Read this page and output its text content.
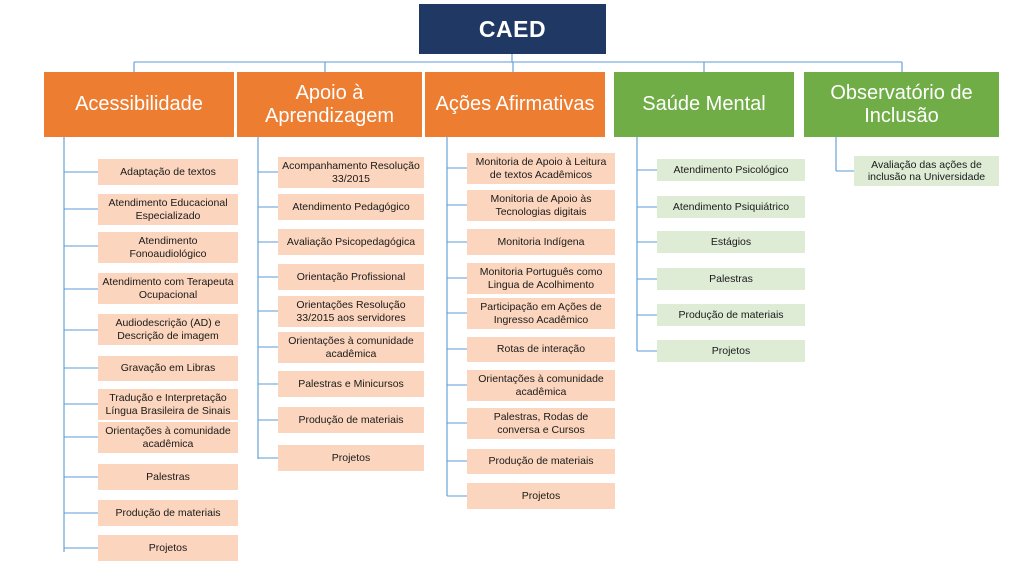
CAED
Acessibilidade
Apoio à Aprendizagem
Ações Afirmativas Saúde Mental
Observatório de Inclusão
Adaptação de textos
Atendimento Educacional Especializado
Atendimento Fonoaudiológico
Atendimento com Terapeuta Ocupacional
Audiodescrição (AD) e Descrição de imagem
Gravação em Libras
Tradução e Interpretação Língua Brasileira de Sinais
Orientações à comunidade acadêmica
Palestras
Produção de materiais
Projetos
Acompanhamento Resolução 33/2015
Atendimento Pedagógico
Avaliação Psicopedagógica
Orientação Profissional
Orientações Resolução 33/2015 aos servidores
Orientações à comunidade acadêmica
Palestras e Minicursos
Produção de materiais
Projetos
Monitoria de Apoio à Leitura de textos Acadêmicos
Monitoria de Apoio às Tecnologias digitais
Monitoria Indígena
Monitoria Português como Lingua de Acolhimento
Participação em Ações de Ingresso Acadêmico
Rotas de interação
Orientações à comunidade acadêmica
Palestras, Rodas de conversa e Cursos
Produção de materiais
Projetos
Atendimento Psicológico
Atendimento Psiquiátrico
Estágios
Palestras
Produção de materiais
Projetos
Avaliação das ações de inclusão na Universidade
